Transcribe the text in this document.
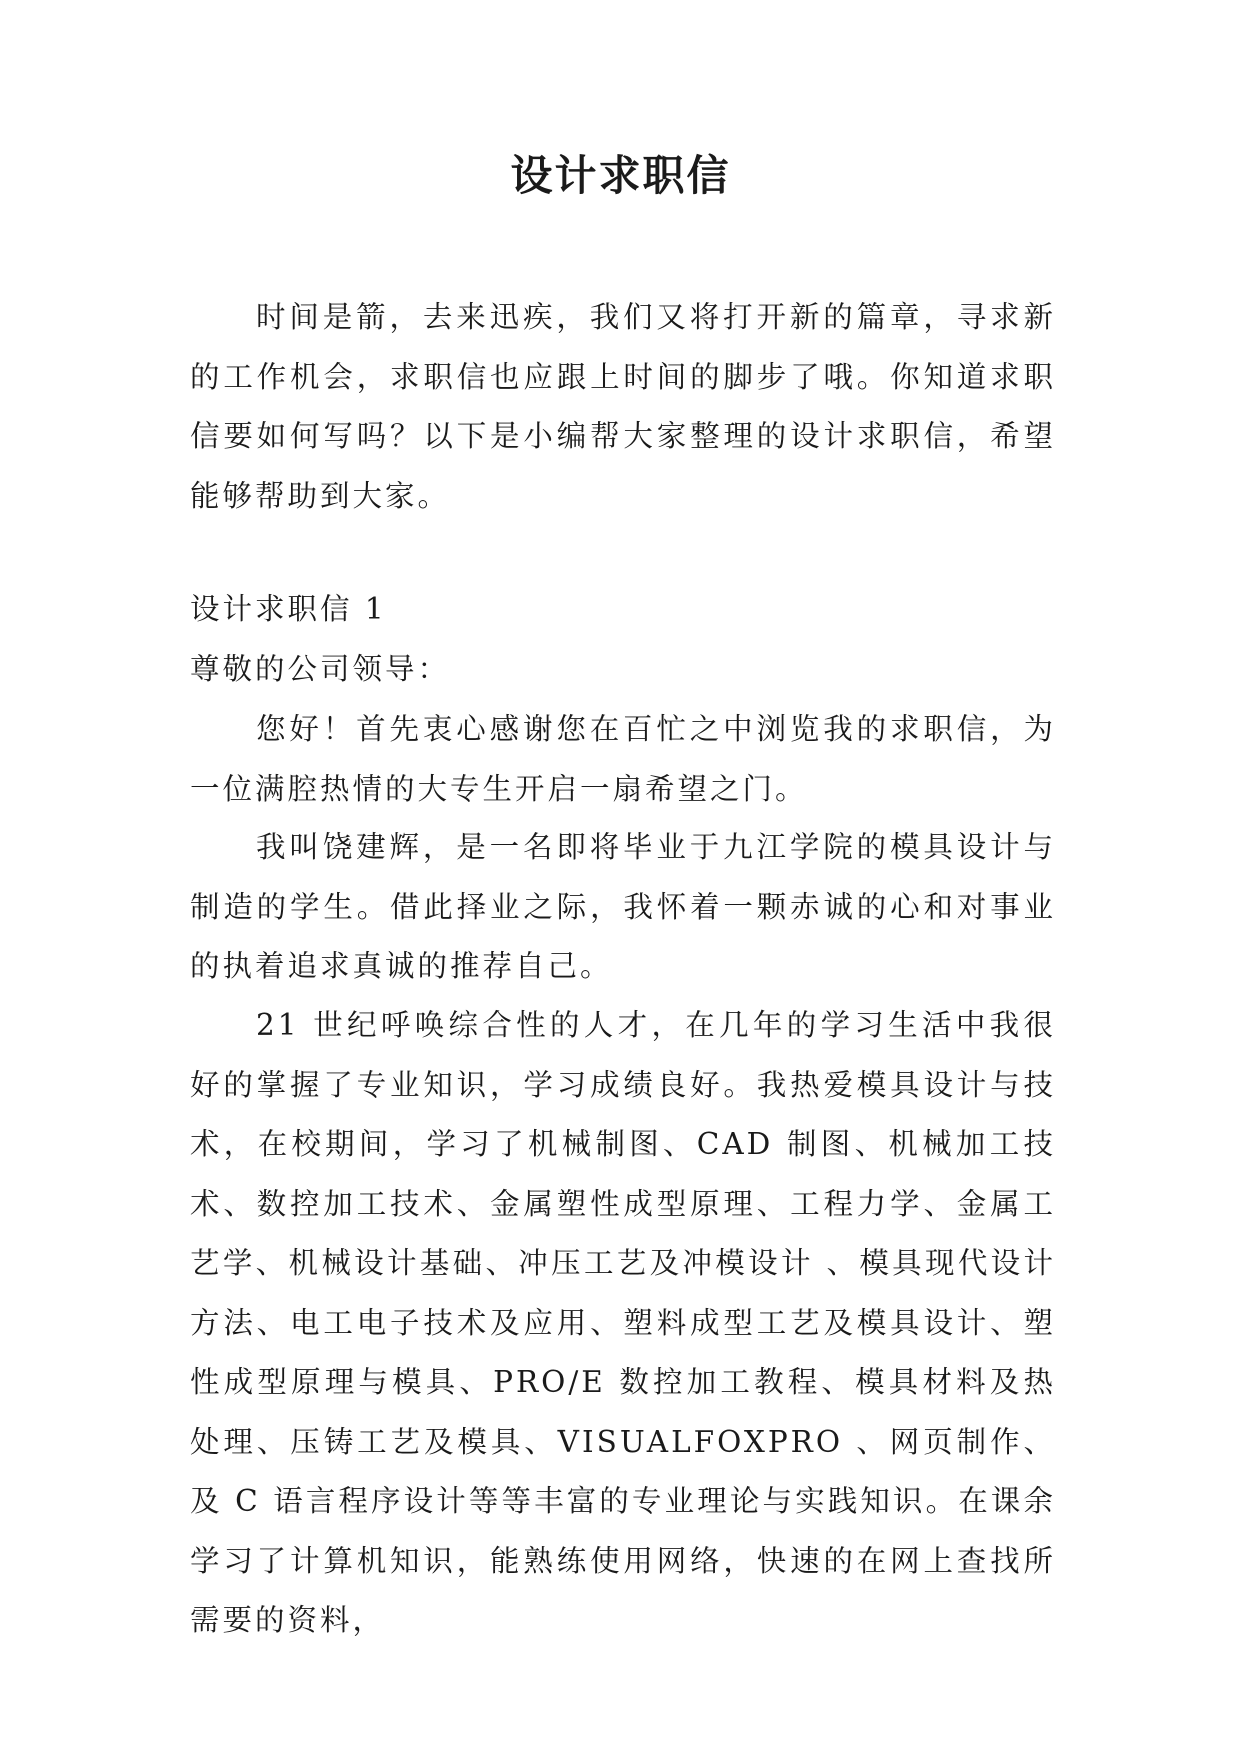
设计求职信

时间是箭，去来迅疾，我们又将打开新的篇章，寻求新的工作机会，求职信也应跟上时间的脚步了哦。你知道求职信要如何写吗？以下是小编帮大家整理的设计求职信，希望能够帮助到大家。

设计求职信 1

尊敬的公司领导：

您好！首先衷心感谢您在百忙之中浏览我的求职信，为一位满腔热情的大专生开启一扇希望之门。

我叫饶建辉，是一名即将毕业于九江学院的模具设计与制造的学生。借此择业之际，我怀着一颗赤诚的心和对事业的执着追求真诚的推荐自己。

21 世纪呼唤综合性的人才，在几年的学习生活中我很好的掌握了专业知识，学习成绩良好。我热爱模具设计与技术，在校期间，学习了机械制图、CAD 制图、机械加工技术、数控加工技术、金属塑性成型原理、工程力学、金属工艺学、机械设计基础、冲压工艺及冲模设计 、模具现代设计方法、电工电子技术及应用、塑料成型工艺及模具设计、塑性成型原理与模具、PRO/E 数控加工教程、模具材料及热处理、压铸工艺及模具、VISUALFOXPRO 、网页制作、及 C 语言程序设计等等丰富的专业理论与实践知识。在课余学习了计算机知识，能熟练使用网络，快速的在网上查找所需要的资料，
